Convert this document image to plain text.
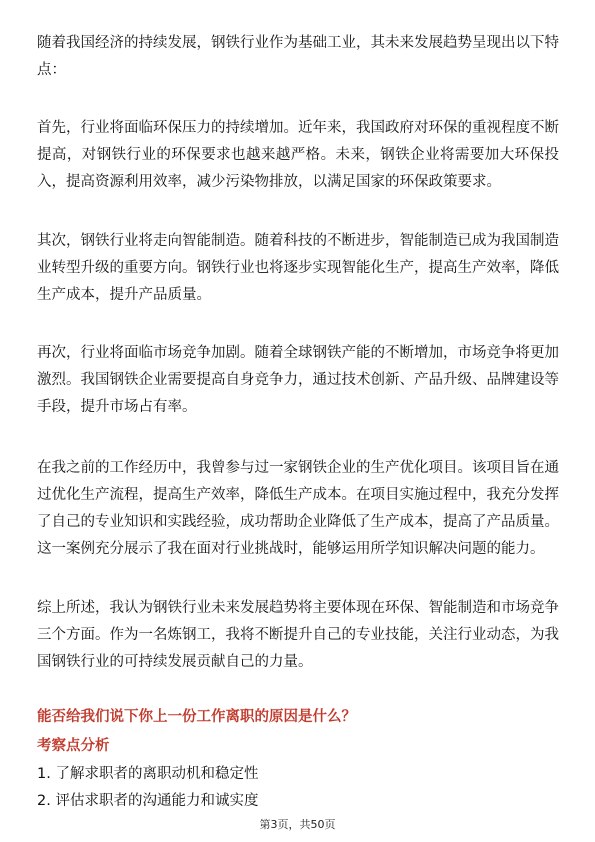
随着我国经济的持续发展，钢铁行业作为基础工业，其未来发展趋势呈现出以下特
点：
首先，行业将面临环保压力的持续增加。近年来，我国政府对环保的重视程度不断
提高，对钢铁行业的环保要求也越来越严格。未来，钢铁企业将需要加大环保投
入，提高资源利用效率，减少污染物排放，以满足国家的环保政策要求。
其次，钢铁行业将走向智能制造。随着科技的不断进步，智能制造已成为我国制造
业转型升级的重要方向。钢铁行业也将逐步实现智能化生产，提高生产效率，降低
生产成本，提升产品质量。
再次，行业将面临市场竞争加剧。随着全球钢铁产能的不断增加，市场竞争将更加
激烈。我国钢铁企业需要提高自身竞争力，通过技术创新、产品升级、品牌建设等
手段，提升市场占有率。
在我之前的工作经历中，我曾参与过一家钢铁企业的生产优化项目。该项目旨在通
过优化生产流程，提高生产效率，降低生产成本。在项目实施过程中，我充分发挥
了自己的专业知识和实践经验，成功帮助企业降低了生产成本，提高了产品质量。
这一案例充分展示了我在面对行业挑战时，能够运用所学知识解决问题的能力。
综上所述，我认为钢铁行业未来发展趋势将主要体现在环保、智能制造和市场竞争
三个方面。作为一名炼钢工，我将不断提升自己的专业技能，关注行业动态，为我
国钢铁行业的可持续发展贡献自己的力量。

能否给我们说下你上一份工作离职的原因是什么？

考察点分析

1. 了解求职者的离职动机和稳定性

2. 评估求职者的沟通能力和诚实度

第3页，共50页
